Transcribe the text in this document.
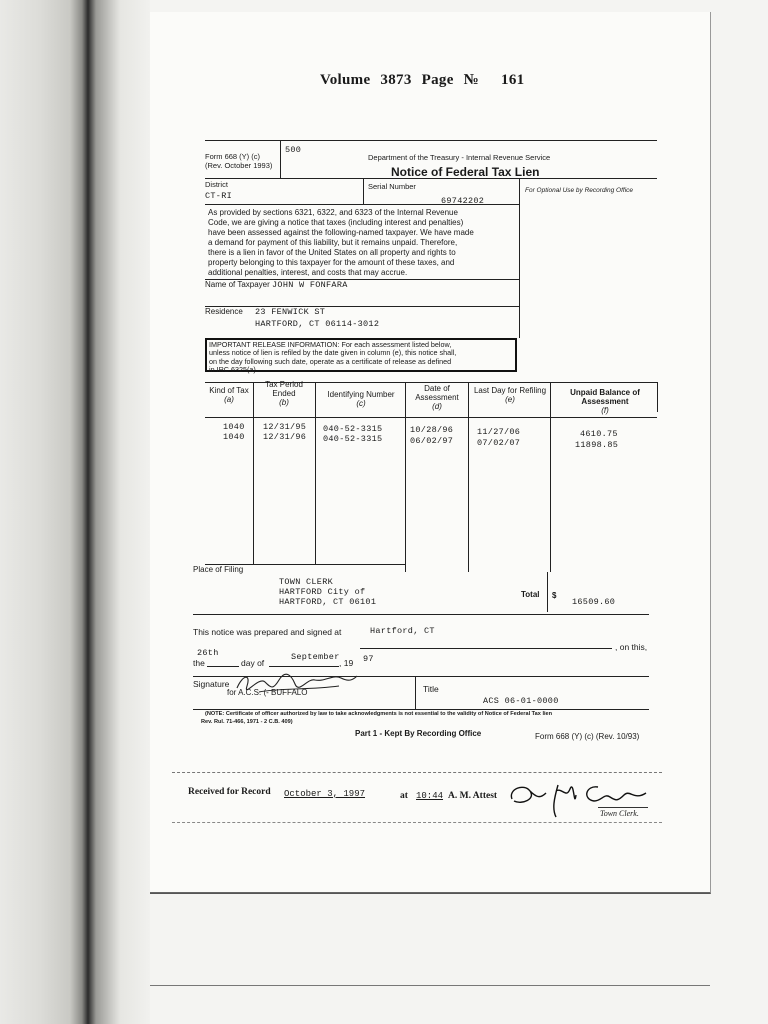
Volume 3873 Page № 161
500
Form 668 (Y) (c)
(Rev. October 1993)
Department of the Treasury - Internal Revenue Service
Notice of Federal Tax Lien
District
CT-RI
Serial Number
69742202
For Optional Use by Recording Office
As provided by sections 6321, 6322, and 6323 of the Internal Revenue
Code, we are giving a notice that taxes (including interest and penalties)
have been assessed against the following-named taxpayer. We have made
a demand for payment of this liability, but it remains unpaid. Therefore,
there is a lien in favor of the United States on all property and rights to
property belonging to this taxpayer for the amount of these taxes, and
additional penalties, interest, and costs that may accrue.
Name of Taxpayer JOHN W FONFARA
Residence 23 FENWICK ST
HARTFORD, CT 06114-3012
IMPORTANT RELEASE INFORMATION: For each assessment listed below,
unless notice of lien is refiled by the date given in column (e), this notice shall,
on the day following such date, operate as a certificate of release as defined
in IRC 6325(a).
Kind of Tax
(a)
Tax Period Ended
(b)
Identifying Number
(c)
Date of Assessment
(d)
Last Day for Refiling
(e)
Unpaid Balance of Assessment
(f)
1040 12/31/95 040-52-3315	10/28/96	11/27/06	4610.75
1040 12/31/96 040-52-3315	06/02/97	07/02/07	11898.85
Place of Filing
TOWN CLERK
HARTFORD City of
HARTFORD, CT 06101
Total $
16509.60
This notice was prepared and signed at	Hartford, CT
, on this,
the
26th
day of
September
, 19 97
Signature
for A.C.S. (- BUFFALO	Title
ACS 06-01-0000
(NOTE: Certificate of officer authorized by law to take acknowledgments is not essential to the validity of Notice of Federal Tax lien
Rev. Rul. 71-466, 1971 - 2 C.B. 409)
Part 1 - Kept By Recording Office	Form 668 (Y) (c) (Rev. 10/93)
Received for Record October 3, 1997	at 10:44 A. M. Attest
Town Clerk.
